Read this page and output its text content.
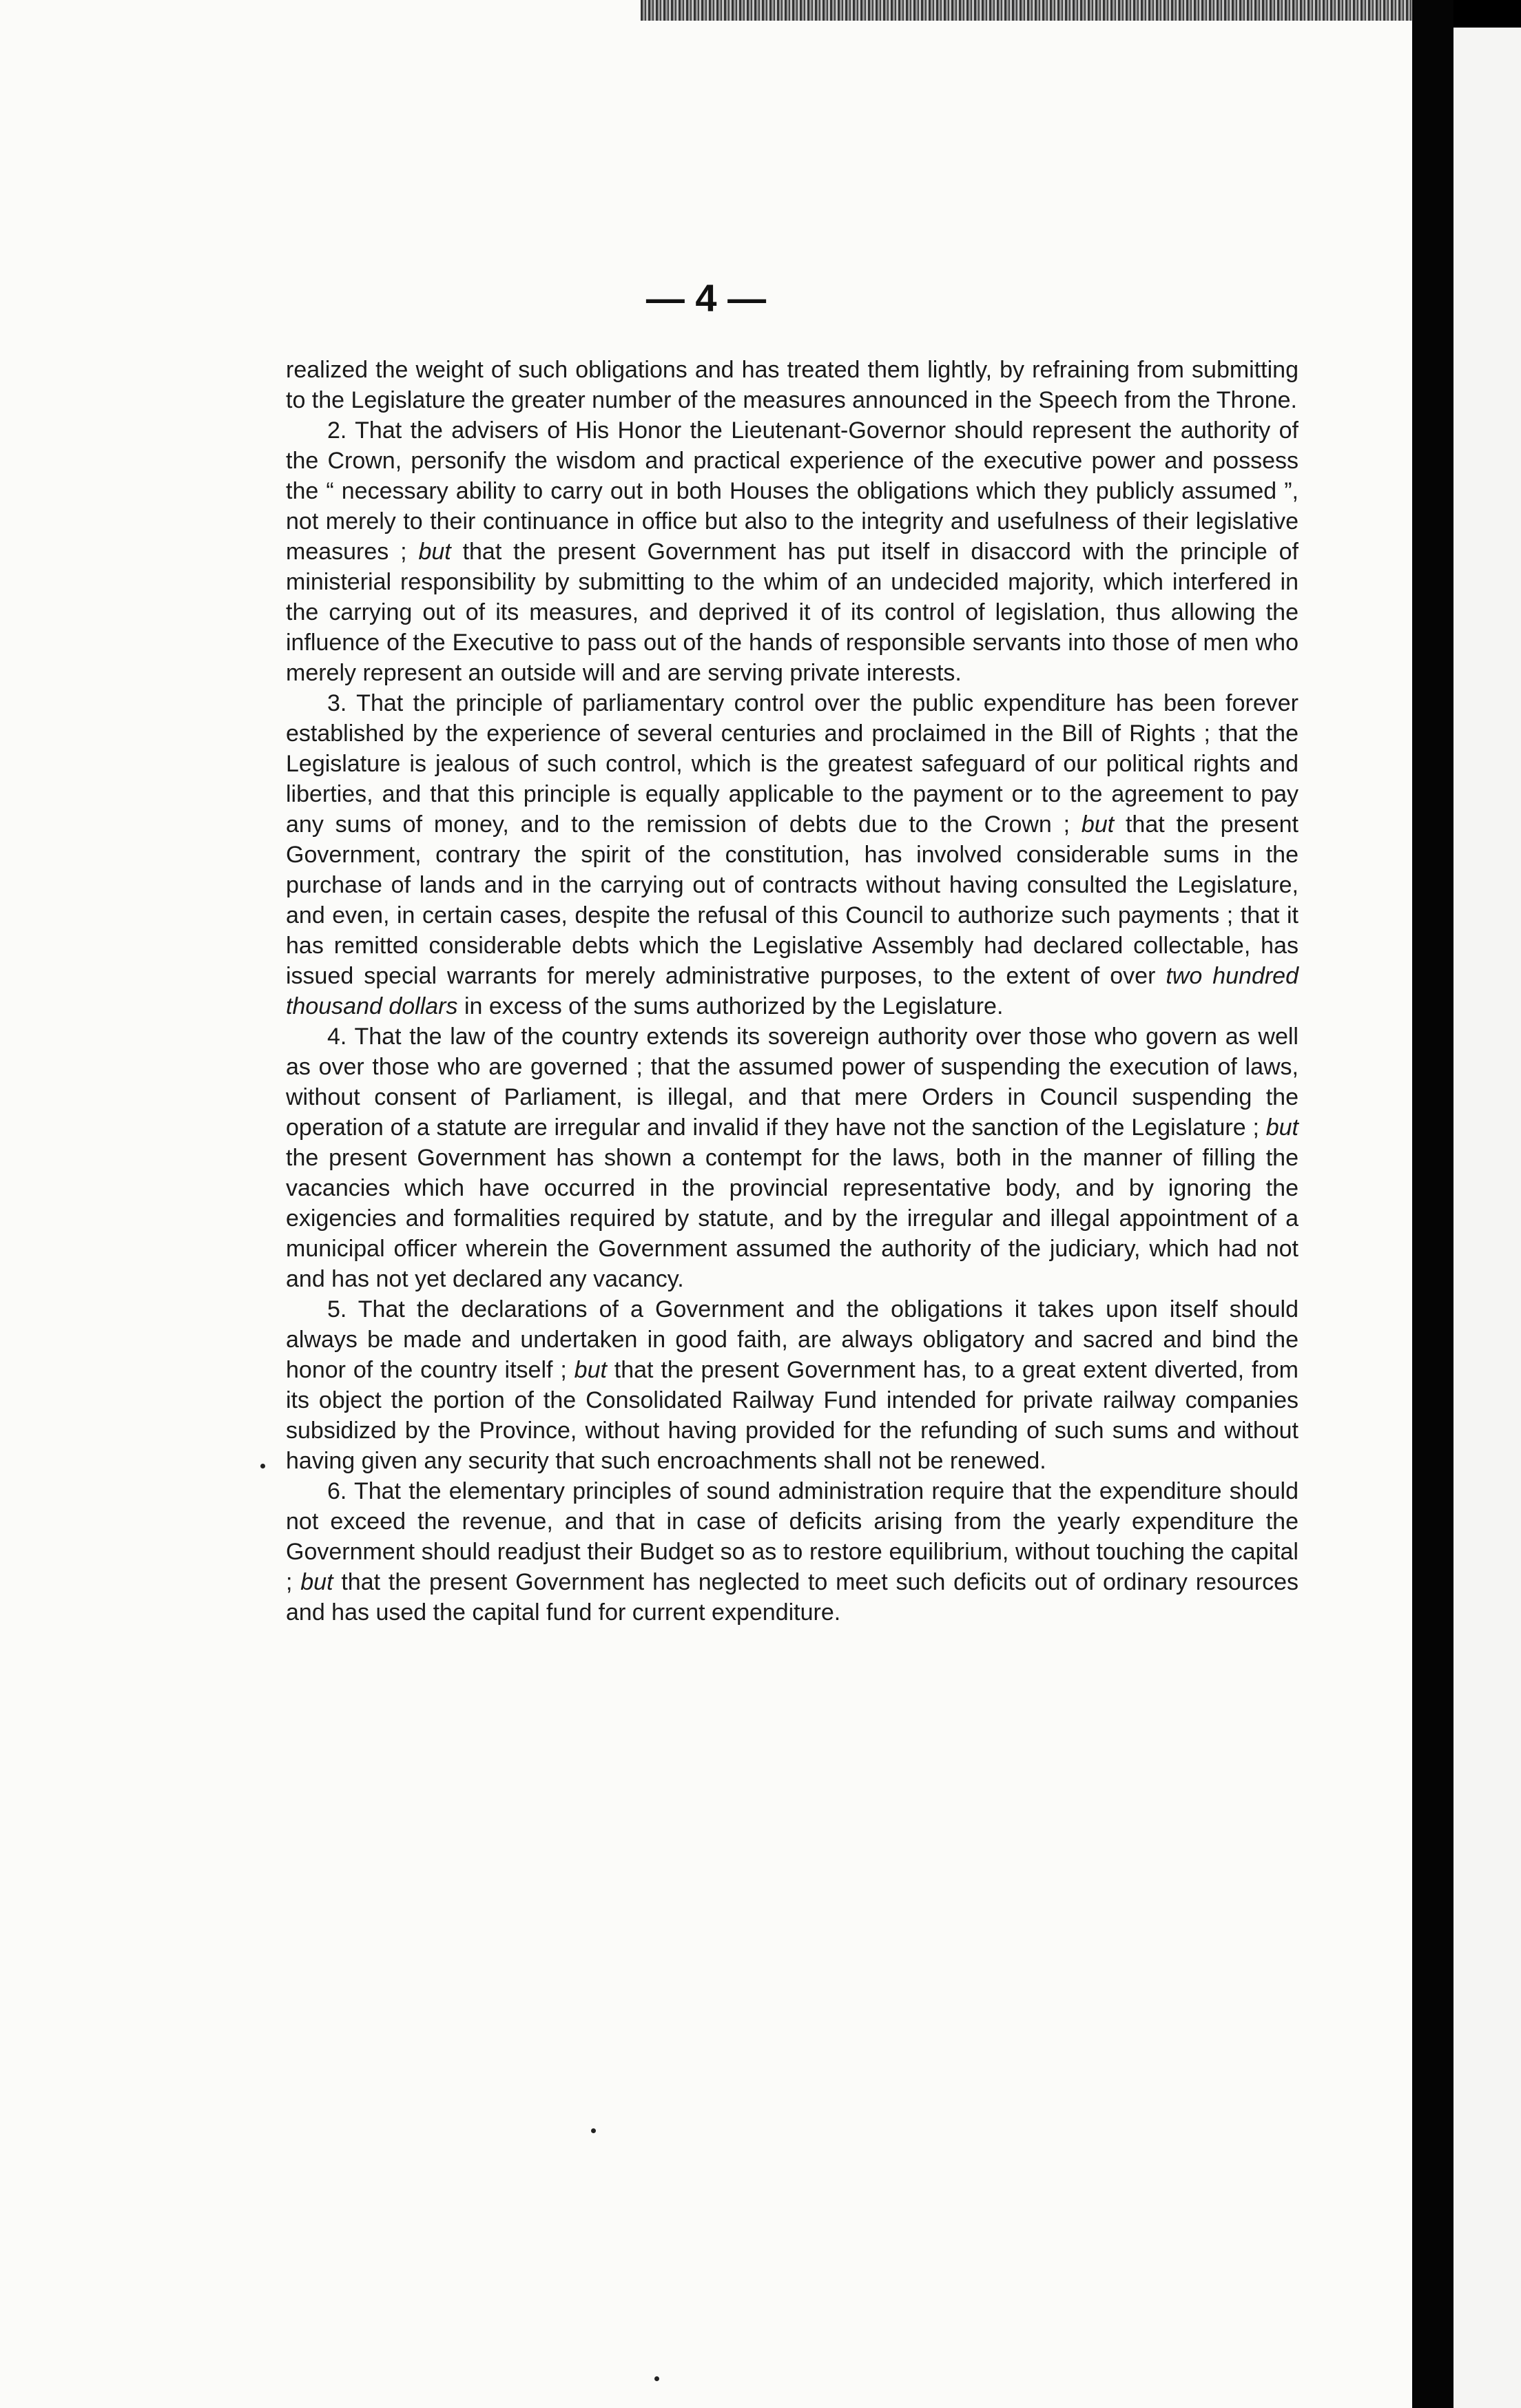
— 4 —

realized the weight of such obligations and has treated them lightly, by refraining from submitting to the Legislature the greater number of the measures announced in the Speech from the Throne.

2. That the advisers of His Honor the Lieutenant-Governor should represent the authority of the Crown, personify the wisdom and practical experience of the executive power and possess the “ necessary ability to carry out in both Houses the obligations which they publicly assumed ”, not merely to their continuance in office but also to the integrity and usefulness of their legislative measures ; but that the present Government has put itself in disaccord with the principle of ministerial responsibility by submitting to the whim of an undecided majority, which interfered in the carrying out of its measures, and deprived it of its control of legislation, thus allowing the influence of the Executive to pass out of the hands of responsible servants into those of men who merely represent an outside will and are serving private interests.

3. That the principle of parliamentary control over the public expenditure has been forever established by the experience of several centuries and proclaimed in the Bill of Rights ; that the Legislature is jealous of such control, which is the greatest safeguard of our political rights and liberties, and that this principle is equally applicable to the payment or to the agreement to pay any sums of money, and to the remission of debts due to the Crown ; but that the present Government, contrary the spirit of the constitution, has involved considerable sums in the purchase of lands and in the carrying out of contracts without having consulted the Legislature, and even, in certain cases, despite the refusal of this Council to authorize such payments ; that it has remitted considerable debts which the Legislative Assembly had declared collectable, has issued special warrants for merely administrative purposes, to the extent of over two hundred thousand dollars in excess of the sums authorized by the Legislature.

4. That the law of the country extends its sovereign authority over those who govern as well as over those who are governed ; that the assumed power of suspending the execution of laws, without consent of Parliament, is illegal, and that mere Orders in Council suspending the operation of a statute are irregular and invalid if they have not the sanction of the Legislature ; but the present Government has shown a contempt for the laws, both in the manner of filling the vacancies which have occurred in the provincial representative body, and by ignoring the exigencies and formalities required by statute, and by the irregular and illegal appointment of a municipal officer wherein the Government assumed the authority of the judiciary, which had not and has not yet declared any vacancy.

5. That the declarations of a Government and the obligations it takes upon itself should always be made and undertaken in good faith, are always obligatory and sacred and bind the honor of the country itself ; but that the present Government has, to a great extent diverted, from its object the portion of the Consolidated Railway Fund intended for private railway companies subsidized by the Province, without having provided for the refunding of such sums and without having given any security that such encroachments shall not be renewed.

6. That the elementary principles of sound administration require that the expenditure should not exceed the revenue, and that in case of deficits arising from the yearly expenditure the Government should readjust their Budget so as to restore equilibrium, without touching the capital ; but that the present Government has neglected to meet such deficits out of ordinary resources and has used the capital fund for current expenditure.
